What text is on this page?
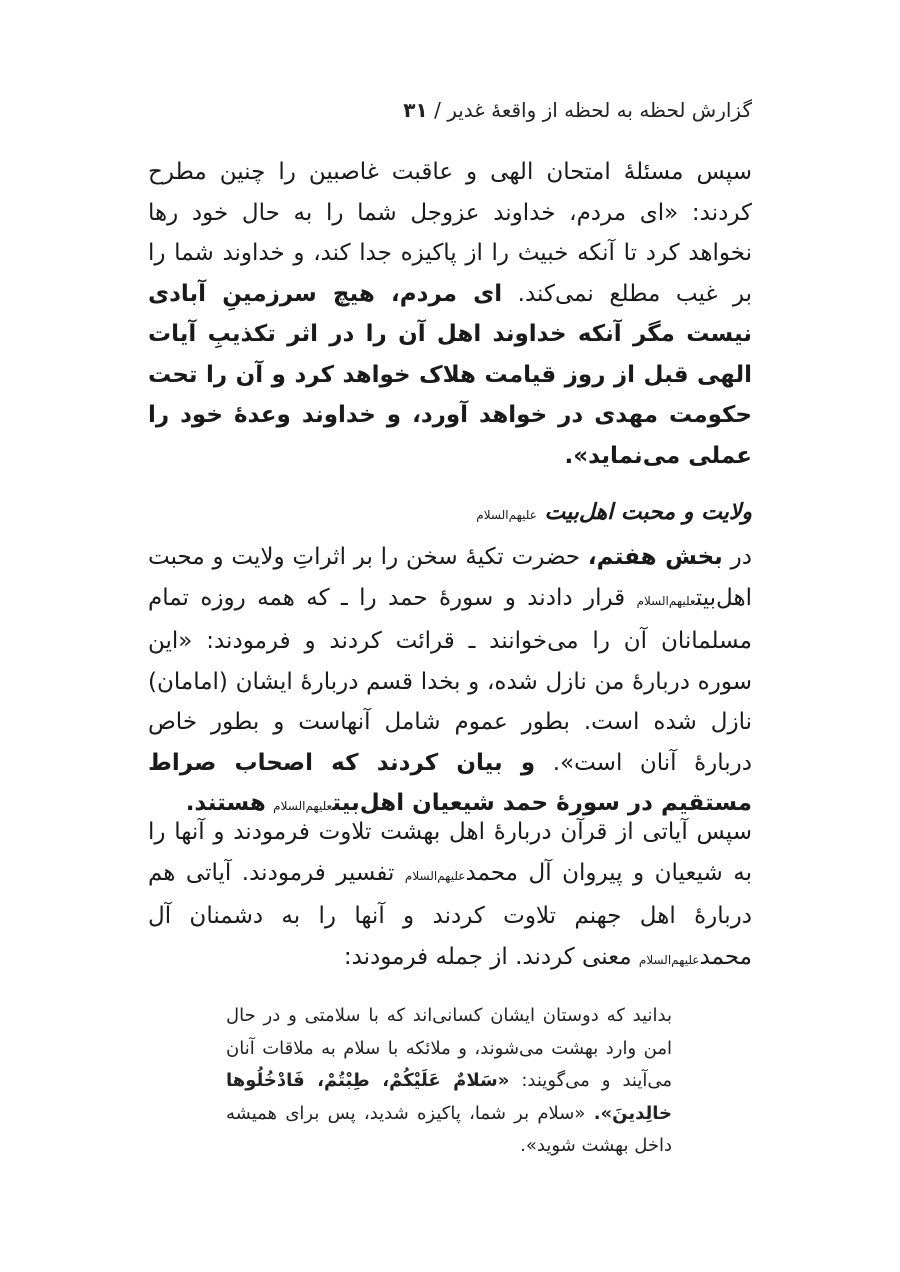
گزارش لحظه به لحظه از واقعۀ غدیر / ۳۱
سپس مسئلۀ امتحان الهی و عاقبت غاصبین را چنین مطرح کردند: «ای مردم، خداوند عزوجل شما را به حال خود رها نخواهد کرد تا آنکه خبیث را از پاکیزه جدا کند، و خداوند شما را بر غیب مطلع نمی‌کند. ای مردم، هیچ سرزمینِ آبادی نیست مگر آنکه خداوند اهل آن را در اثر تکذیبِ آیات الهی قبل از روز قیامت هلاک خواهد کرد و آن را تحت حکومت مهدی در خواهد آورد، و خداوند وعدۀ خود را عملی می‌نماید».
ولایت و محبت اهل‌بیت علیهم‌السلام
در بخش هفتم، حضرت تکیۀ سخن را بر اثراتِ ولایت و محبت اهل‌بیتعلیهم‌السلام قرار دادند و سورۀ حمد را ـ که همه روزه تمام مسلمانان آن را می‌خوانند ـ قرائت کردند و فرمودند: «این سوره دربارۀ من نازل شده، و بخدا قسم دربارۀ ایشان (امامان) نازل شده است. بطور عموم شامل آنهاست و بطور خاص دربارۀ آنان است». و بیان کردند که اصحاب صراط مستقیم در سورۀ حمد شیعیان اهل‌بیتعلیهم‌السلام هستند.
سپس آیاتی از قرآن دربارۀ اهل بهشت تلاوت فرمودند و آنها را به شیعیان و پیروان آل محمدعلیهم‌السلام تفسیر فرمودند. آیاتی هم دربارۀ اهل جهنم تلاوت کردند و آنها را به دشمنان آل محمدعلیهم‌السلام معنی کردند. از جمله فرمودند:
بدانید که دوستان ایشان کسانی‌اند که با سلامتی و در حال امن وارد بهشت می‌شوند، و ملائکه با سلام به ملاقات آنان می‌آیند و می‌گویند: «سَلامٌ عَلَیْکُمْ، طِبْتُمْ، فَادْخُلُوها خالِدینَ». «سلام بر شما، پاکیزه شدید، پس برای همیشه داخل بهشت شوید».
